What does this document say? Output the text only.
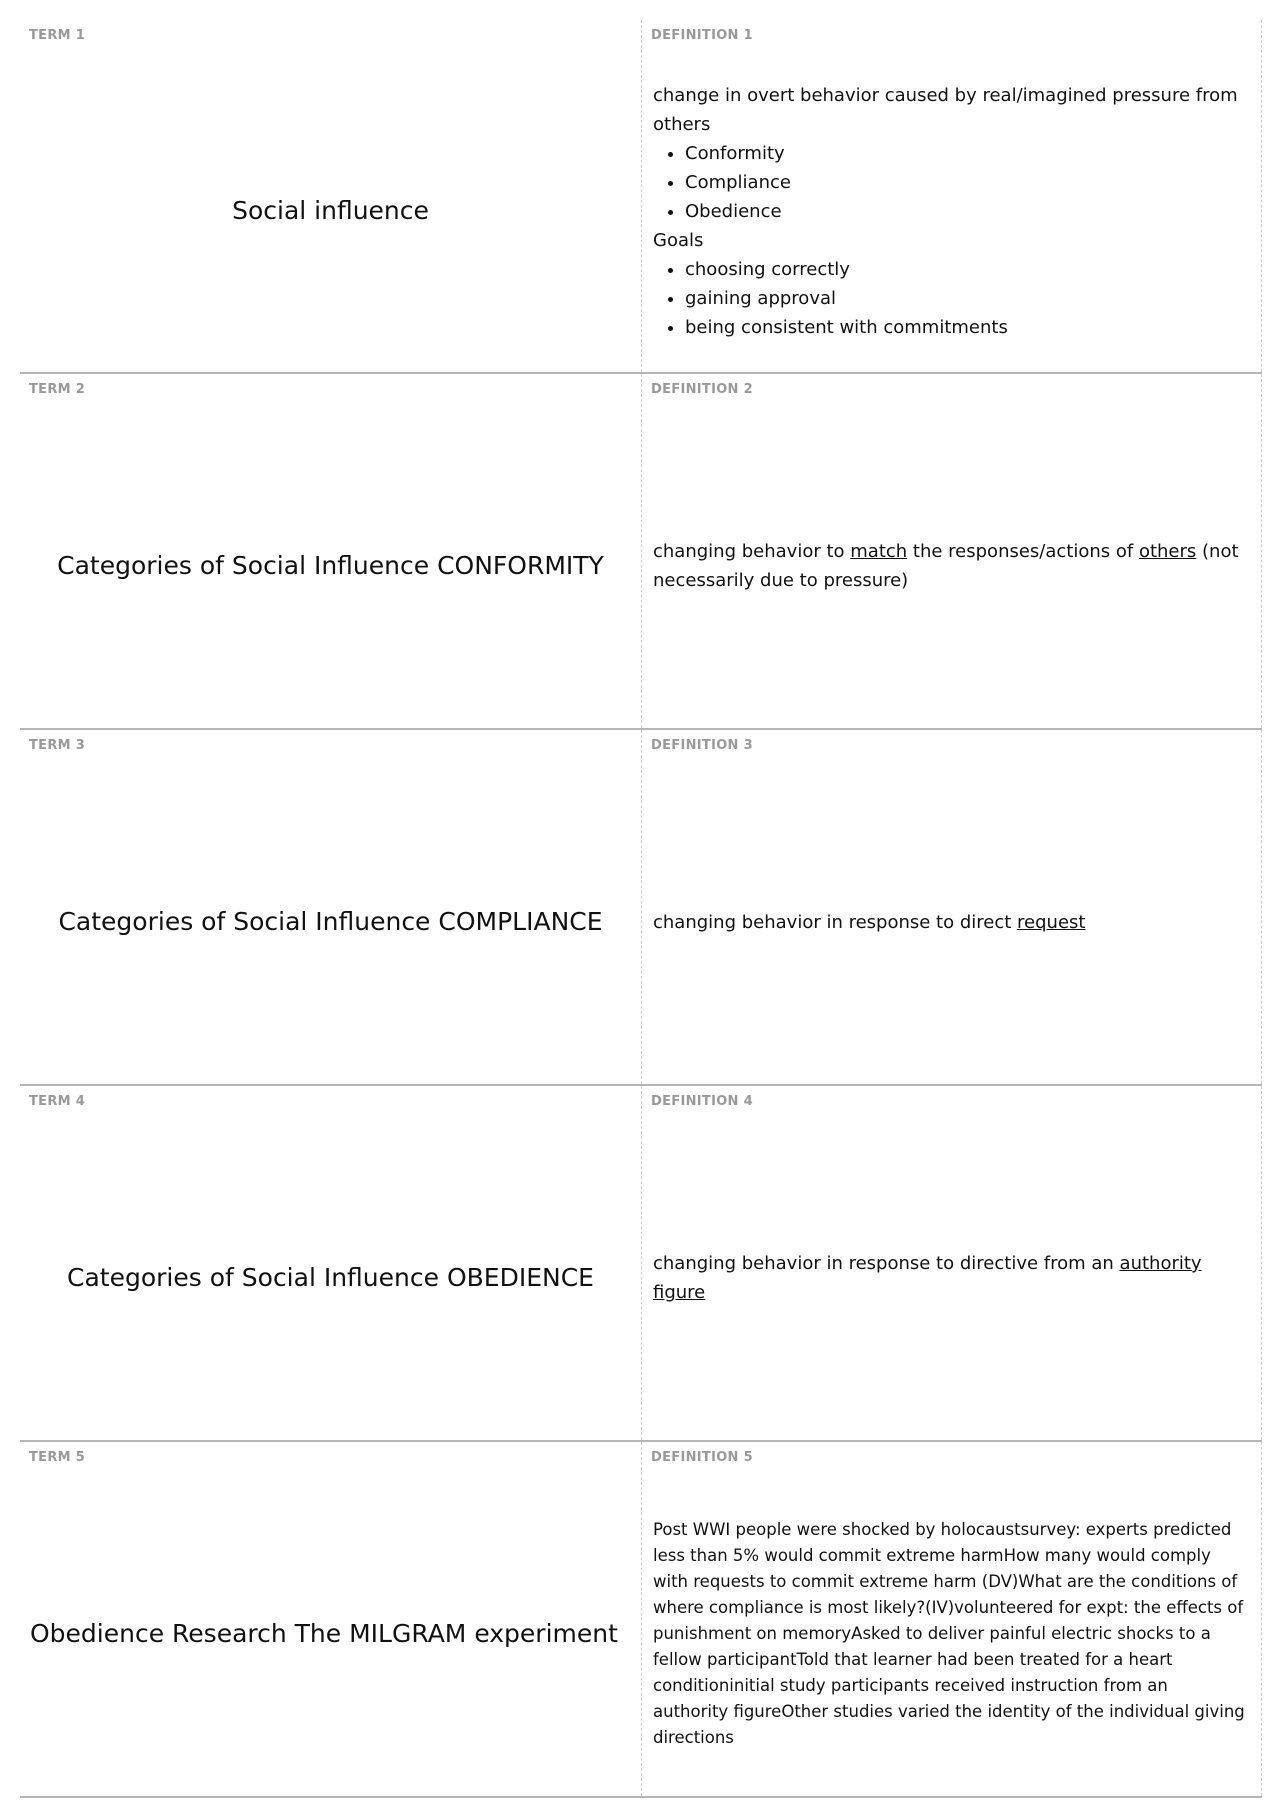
TERM 1
Social influence
DEFINITION 1
change in overt behavior caused by real/imagined pressure from others
• Conformity
• Compliance
• Obedience
Goals
• choosing correctly
• gaining approval
• being consistent with commitments
TERM 2
Categories of Social Influence CONFORMITY
DEFINITION 2
changing behavior to match the responses/actions of others (not necessarily due to pressure)
TERM 3
Categories of Social Influence COMPLIANCE
DEFINITION 3
changing behavior in response to direct request
TERM 4
Categories of Social Influence OBEDIENCE
DEFINITION 4
changing behavior in response to directive from an authority figure
TERM 5
Obedience Research The MILGRAM experiment
DEFINITION 5
Post WWI people were shocked by holocaustsurvey: experts predicted less than 5% would commit extreme harmHow many would comply with requests to commit extreme harm (DV)What are the conditions of where compliance is most likely?(IV)volunteered for expt: the effects of punishment on memoryAsked to deliver painful electric shocks to a fellow participantTold that learner had been treated for a heart conditioninitial study participants received instruction from an authority figureOther studies varied the identity of the individual giving directions
